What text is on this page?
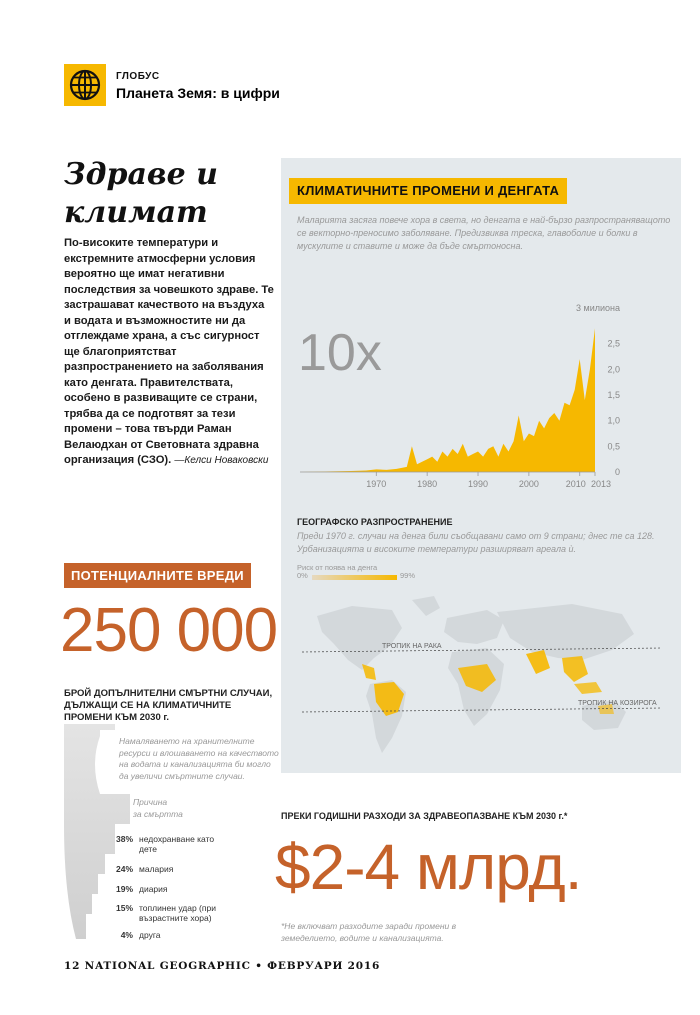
ГЛОБУС
Планета Земя: в цифри
Здраве и
климат
По-високите температури и екстремните атмосферни условия вероятно ще имат негативни последствия за човешкото здраве. Те застрашават качеството на въздуха и водата и възможностите ни да отглеждаме храна, а със сигурност ще благоприятстват разпространението на заболявания като денгата. Правителствата, особено в развиващите се страни, трябва да се подготвят за тези промени – това твърди Раман Велаюдхан от Световната здравна организация (СЗО). —Келси Новаковски
КЛИМАТИЧНИТЕ ПРОМЕНИ И ДЕНГАТА
Маларията засяга повече хора в света, но денгата е най-бързо разпространяващото се векторно-преносимо заболяване. Предизвиква треска, главоболие и болки в мускулите и ставите и може да бъде смъртоносна.
10x
3 милиона
1970	1980	1990	2000	2010 2013
0
0,5
1,0
1,5
2,0
2,5
ГЕОГРАФСКО РАЗПРОСТРАНЕНИЕ
Преди 1970 г. случаи на денга били съобщавани само от 9 страни; днес те са 128. Урбанизацията и високите температури разширяват ареала ѝ.
Риск от поява на денга
0%	99%
ТРОПИК НА РАКА
ТРОПИК НА КОЗИРОГА
ПОТЕНЦИАЛНИТЕ ВРЕДИ
250 000
БРОЙ ДОПЪЛНИТЕЛНИ СМЪРТНИ СЛУЧАИ, ДЪЛЖАЩИ СЕ НА КЛИМАТИЧНИТЕ ПРОМЕНИ КЪМ 2030 г.
Намаляването на хранителните ресурси и влошаването на качеството на водата и канализацията би могло да увеличи смъртните случаи.
Причина
за смъртта
38% недохранване като дете
24% малария
19% диария
15% топлинен удар (при възрастните хора)
4% друга
ПРЕКИ ГОДИШНИ РАЗХОДИ ЗА ЗДРАВЕОПАЗВАНЕ КЪМ 2030 г.*
$2-4 млрд.
*Не включват разходите заради промени в земеделието, водите и канализацията.
12 NATIONAL GEOGRAPHIC • ФЕВРУАРИ 2016
